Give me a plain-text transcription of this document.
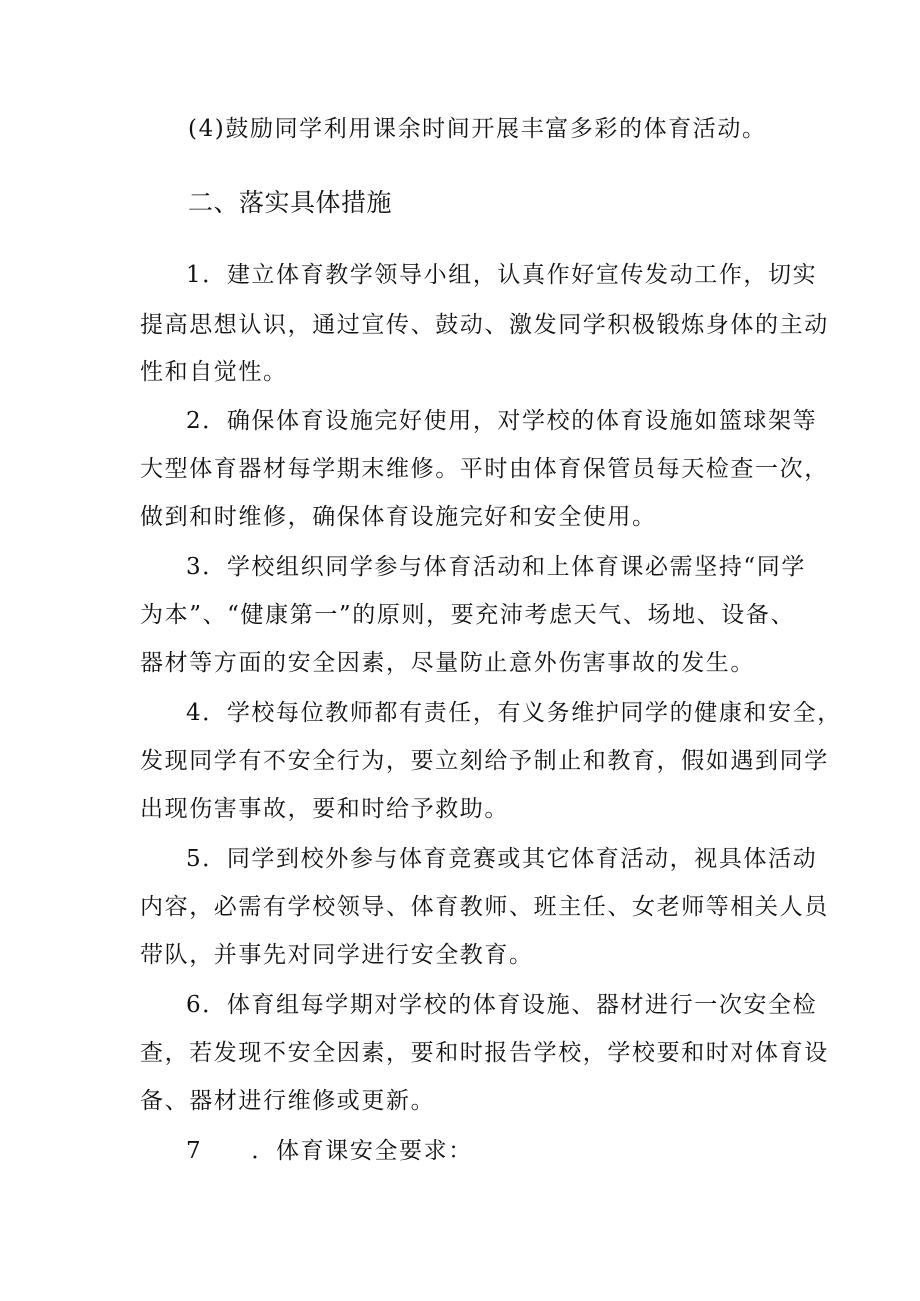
(4)鼓励同学利用课余时间开展丰富多彩的体育活动。
二、落实具体措施
1．建立体育教学领导小组，认真作好宣传发动工作，切实
提高思想认识，通过宣传、鼓动、激发同学积极锻炼身体的主动
性和自觉性。
2．确保体育设施完好使用，对学校的体育设施如篮球架等
大型体育器材每学期末维修。平时由体育保管员每天检查一次，
做到和时维修，确保体育设施完好和安全使用。
3．学校组织同学参与体育活动和上体育课必需坚持“同学
为本”、“健康第一”的原则，要充沛考虑天气、场地、设备、
器材等方面的安全因素，尽量防止意外伤害事故的发生。
4．学校每位教师都有责任，有义务维护同学的健康和安全，
发现同学有不安全行为，要立刻给予制止和教育，假如遇到同学
出现伤害事故，要和时给予救助。
5．同学到校外参与体育竞赛或其它体育活动，视具体活动
内容，必需有学校领导、体育教师、班主任、女老师等相关人员
带队，并事先对同学进行安全教育。
6．体育组每学期对学校的体育设施、器材进行一次安全检
查，若发现不安全因素，要和时报告学校，学校要和时对体育设
备、器材进行维修或更新。
7　　．体育课安全要求：
